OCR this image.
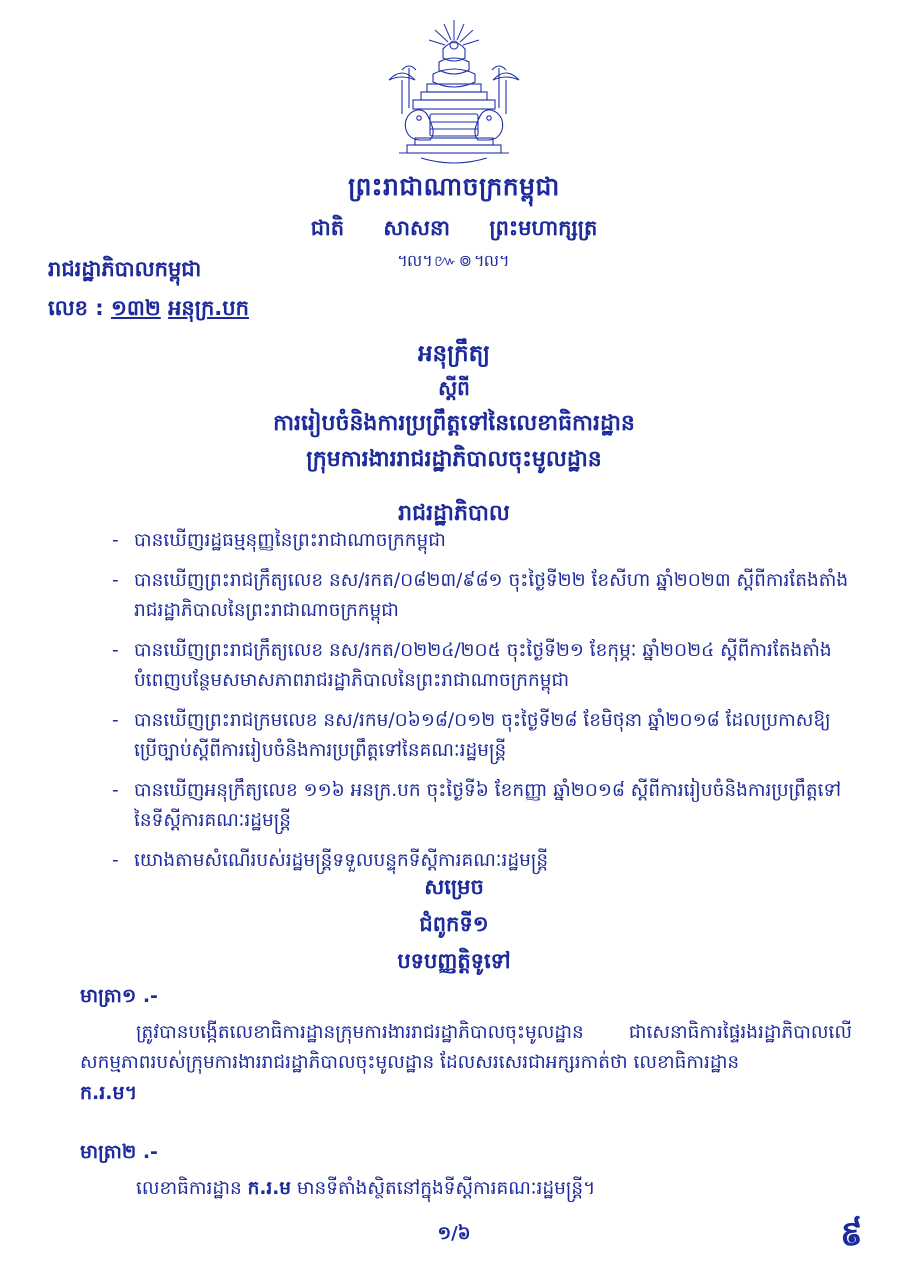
ព្រះរាជាណាចក្រកម្ពុជា
ជាតិ សាសនា ព្រះមហាក្សត្រ
៘៚៙៘
រាជរដ្ឋាភិបាលកម្ពុជា
លេខ : ១៣២ អនុក្រ.បក
អនុក្រឹត្យ
ស្ដីពី
ការរៀបចំនិងការប្រព្រឹត្តទៅនៃលេខាធិការដ្ឋាន
ក្រុមការងាររាជរដ្ឋាភិបាលចុះមូលដ្ឋាន
រាជរដ្ឋាភិបាល
- បានឃើញរដ្ឋធម្មនុញ្ញនៃព្រះរាជាណាចក្រកម្ពុជា
- បានឃើញព្រះរាជក្រឹត្យលេខ នស/រកត/០៨២៣/៩៨១ ចុះថ្ងៃទី២២ ខែសីហា ឆ្នាំ២០២៣ ស្ដីពីការតែងតាំងរាជរដ្ឋាភិបាលនៃព្រះរាជាណាចក្រកម្ពុជា
- បានឃើញព្រះរាជក្រឹត្យលេខ នស/រកត/០២២៤/២០៥ ចុះថ្ងៃទី២១ ខែកុម្ភៈ ឆ្នាំ២០២៤ ស្ដីពីការតែងតាំងបំពេញបន្ថែមសមាសភាពរាជរដ្ឋាភិបាលនៃព្រះរាជាណាចក្រកម្ពុជា
- បានឃើញព្រះរាជក្រមលេខ នស/រកម/០៦១៨/០១២ ចុះថ្ងៃទី២៨ ខែមិថុនា ឆ្នាំ២០១៨ ដែលប្រកាសឱ្យប្រើច្បាប់ស្ដីពីការរៀបចំនិងការប្រព្រឹត្តទៅនៃគណៈរដ្ឋមន្ត្រី
- បានឃើញអនុក្រឹត្យលេខ ១១៦ អនក្រ.បក ចុះថ្ងៃទី៦ ខែកញ្ញា ឆ្នាំ២០១៨ ស្ដីពីការរៀបចំនិងការប្រព្រឹត្តទៅនៃទីស្ដីការគណៈរដ្ឋមន្ត្រី
- យោងតាមសំណើរបស់រដ្ឋមន្ត្រីទទួលបន្ទុកទីស្ដីការគណៈរដ្ឋមន្ត្រី
សម្រេច
ជំពូកទី១
បទបញ្ញត្តិទូទៅ
មាត្រា១ .-
ត្រូវបានបង្កើតលេខាធិការដ្ឋានក្រុមការងាររាជរដ្ឋាភិបាលចុះមូលដ្ឋាន ជាសេនាធិការផ្ទៃរងរដ្ឋាភិបាលលើសកម្មភាពរបស់ក្រុមការងាររាជរដ្ឋាភិបាលចុះមូលដ្ឋាន ដែលសរសេរជាអក្សរកាត់ថា លេខាធិការដ្ឋាន
ក.រ.ម។
មាត្រា២ .-
លេខាធិការដ្ឋាន ក.រ.ម មានទីតាំងស្ថិតនៅក្នុងទីស្ដីការគណៈរដ្ឋមន្ត្រី។
១/៦	៩
